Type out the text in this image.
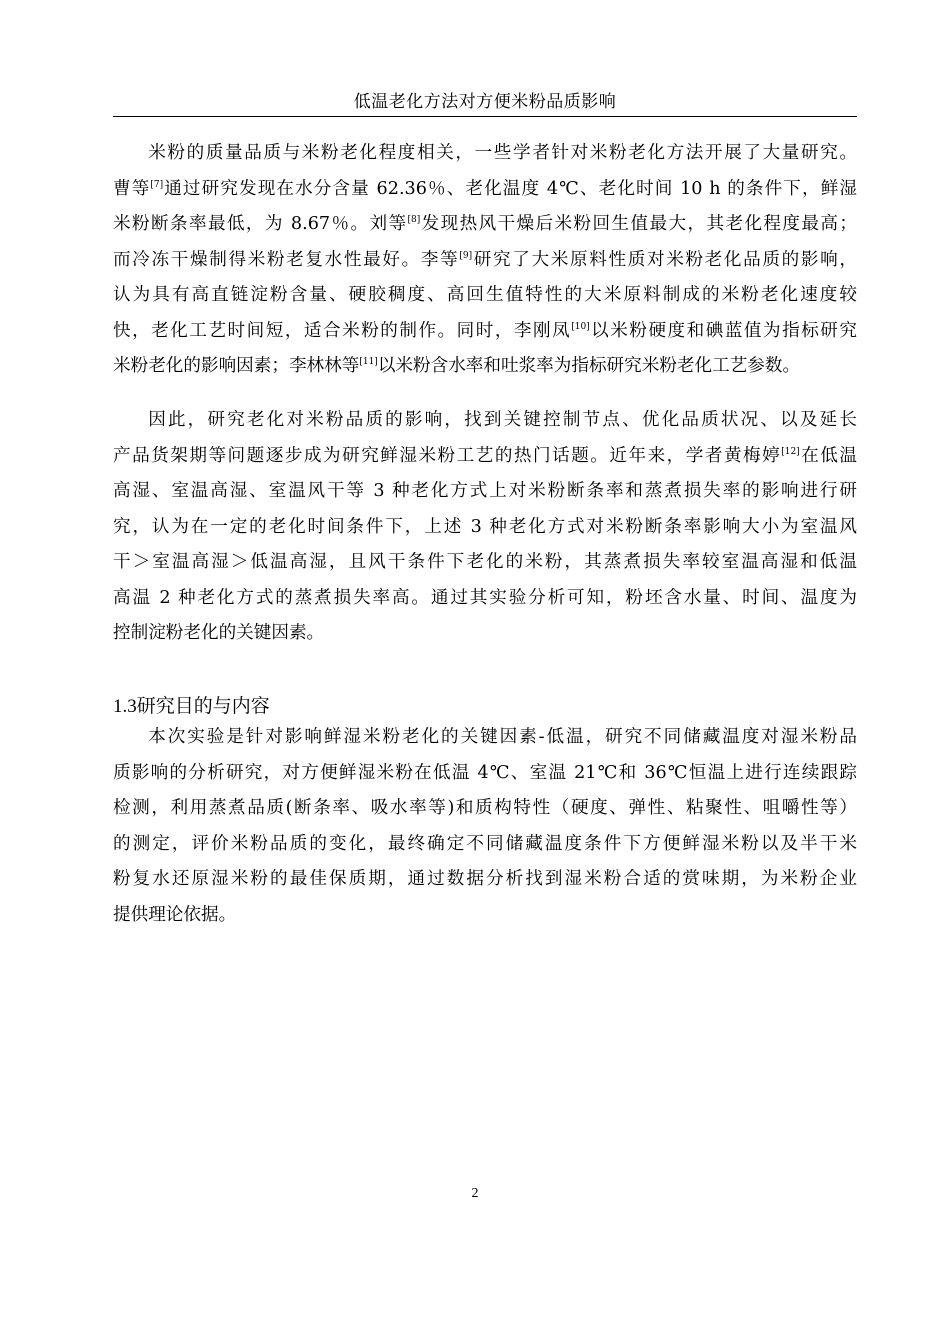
低温老化方法对方便米粉品质影响
米粉的质量品质与米粉老化程度相关，一些学者针对米粉老化方法开展了大量研究。
曹等[7]通过研究发现在水分含量 62.36％、老化温度 4℃、老化时间 10 h 的条件下，鲜湿
米粉断条率最低，为 8.67％。刘等[8]发现热风干燥后米粉回生值最大，其老化程度最高；
而冷冻干燥制得米粉老复水性最好。李等[9]研究了大米原料性质对米粉老化品质的影响，
认为具有高直链淀粉含量、硬胶稠度、高回生值特性的大米原料制成的米粉老化速度较
快，老化工艺时间短，适合米粉的制作。同时，李刚凤[10]以米粉硬度和碘蓝值为指标研究
米粉老化的影响因素；李林林等[11]以米粉含水率和吐浆率为指标研究米粉老化工艺参数。
因此，研究老化对米粉品质的影响，找到关键控制节点、优化品质状况、以及延长
产品货架期等问题逐步成为研究鲜湿米粉工艺的热门话题。近年来，学者黄梅婷[12]在低温
高湿、室温高湿、室温风干等 3 种老化方式上对米粉断条率和蒸煮损失率的影响进行研
究，认为在一定的老化时间条件下，上述 3 种老化方式对米粉断条率影响大小为室温风
干＞室温高湿＞低温高湿，且风干条件下老化的米粉，其蒸煮损失率较室温高湿和低温
高温 2 种老化方式的蒸煮损失率高。通过其实验分析可知，粉坯含水量、时间、温度为
控制淀粉老化的关键因素。
1.3研究目的与内容
本次实验是针对影响鲜湿米粉老化的关键因素-低温，研究不同储藏温度对湿米粉品
质影响的分析研究，对方便鲜湿米粉在低温 4℃、室温 21℃和 36℃恒温上进行连续跟踪
检测，利用蒸煮品质(断条率、吸水率等)和质构特性（硬度、弹性、粘聚性、咀嚼性等）
的测定，评价米粉品质的变化，最终确定不同储藏温度条件下方便鲜湿米粉以及半干米
粉复水还原湿米粉的最佳保质期，通过数据分析找到湿米粉合适的赏味期，为米粉企业
提供理论依据。
2
